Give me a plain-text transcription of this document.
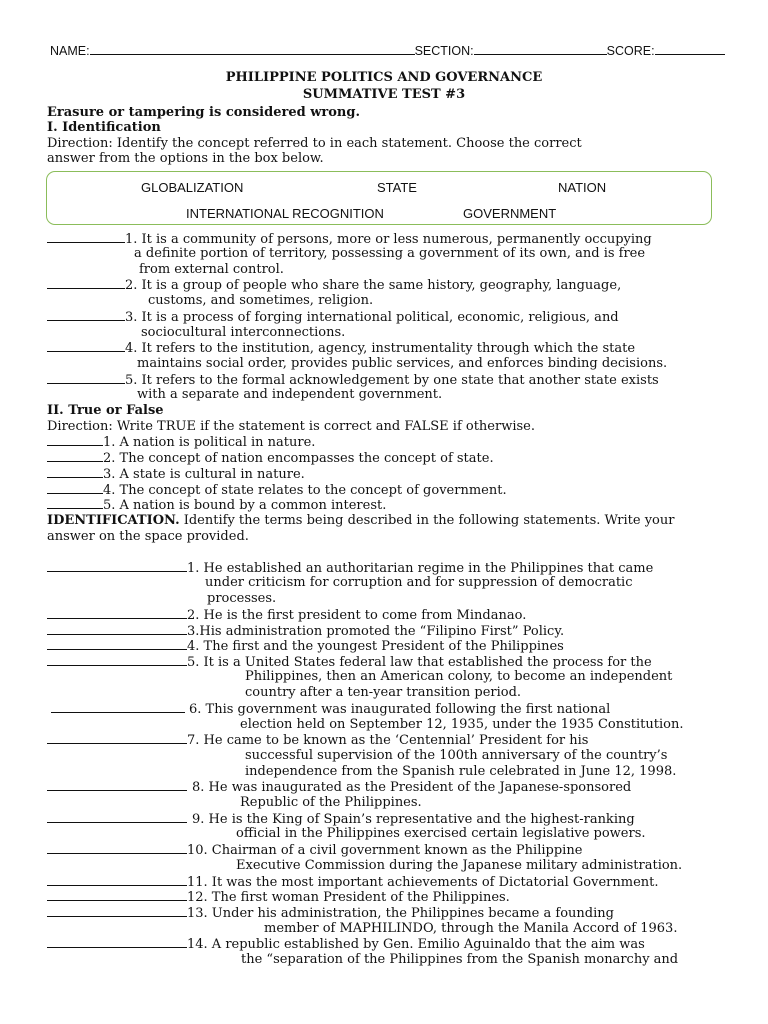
NAME:	SECTION:	SCORE:
PHILIPPINE POLITICS AND GOVERNANCE
SUMMATIVE TEST #3
Erasure or tampering is considered wrong.
I. Identification
Direction: Identify the concept referred to in each statement. Choose the correct
answer from the options in the box below.
GLOBALIZATION	STATE	NATION
INTERNATIONAL RECOGNITION	GOVERNMENT
1. It is a community of persons, more or less numerous, permanently occupying
a definite portion of territory, possessing a government of its own, and is free
from external control.
2. It is a group of people who share the same history, geography, language,
customs, and sometimes, religion.
3. It is a process of forging international political, economic, religious, and
sociocultural interconnections.
4. It refers to the institution, agency, instrumentality through which the state
maintains social order, provides public services, and enforces binding decisions.
5. It refers to the formal acknowledgement by one state that another state exists
with a separate and independent government.
II. True or False
Direction: Write TRUE if the statement is correct and FALSE if otherwise.
1. A nation is political in nature.
2. The concept of nation encompasses the concept of state.
3. A state is cultural in nature.
4. The concept of state relates to the concept of government.
5. A nation is bound by a common interest.
IDENTIFICATION. Identify the terms being described in the following statements. Write your
answer on the space provided.
1. He established an authoritarian regime in the Philippines that came
under criticism for corruption and for suppression of democratic
processes.
2. He is the first president to come from Mindanao.
3.His administration promoted the “Filipino First” Policy.
4. The first and the youngest President of the Philippines
5. It is a United States federal law that established the process for the
Philippines, then an American colony, to become an independent
country after a ten-year transition period.
6. This government was inaugurated following the first national
election held on September 12, 1935, under the 1935 Constitution.
7. He came to be known as the ‘Centennial’ President for his
successful supervision of the 100th anniversary of the country’s
independence from the Spanish rule celebrated in June 12, 1998.
8. He was inaugurated as the President of the Japanese-sponsored
Republic of the Philippines.
9. He is the King of Spain’s representative and the highest-ranking
official in the Philippines exercised certain legislative powers.
10. Chairman of a civil government known as the Philippine
Executive Commission during the Japanese military administration.
11. It was the most important achievements of Dictatorial Government.
12. The first woman President of the Philippines.
13. Under his administration, the Philippines became a founding
member of MAPHILINDO, through the Manila Accord of 1963.
14. A republic established by Gen. Emilio Aguinaldo that the aim was
the “separation of the Philippines from the Spanish monarchy and
